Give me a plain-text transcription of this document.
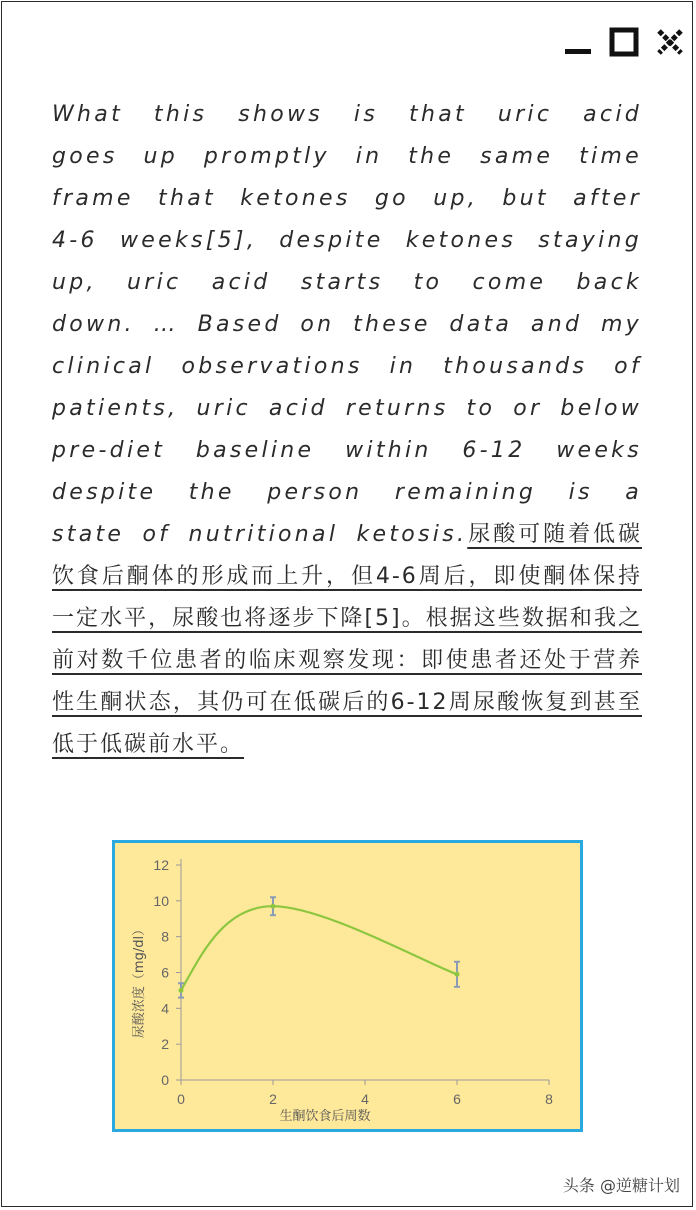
What this shows is that uric acid goes up promptly in the same time frame that ketones go up, but after 4-6 weeks[5], despite ketones staying up, uric acid starts to come back down. … Based on these data and my clinical observations in thousands of patients, uric acid returns to or below pre-diet baseline within 6-12 weeks despite the person remaining is a state of nutritional ketosis.尿酸可随着低碳饮食后酮体的形成而上升，但4-6周后，即使酮体保持一定水平，尿酸也将逐步下降[5]。根据这些数据和我之前对数千位患者的临床观察发现：即使患者还处于营养性生酮状态，其仍可在低碳后的6-12周尿酸恢复到甚至低于低碳前水平。
0
2
4
6
8
10
12
0	2	4	6	8
生酮饮食后周数
尿酸浓度（mg/dl）
头条 @逆糖计划
